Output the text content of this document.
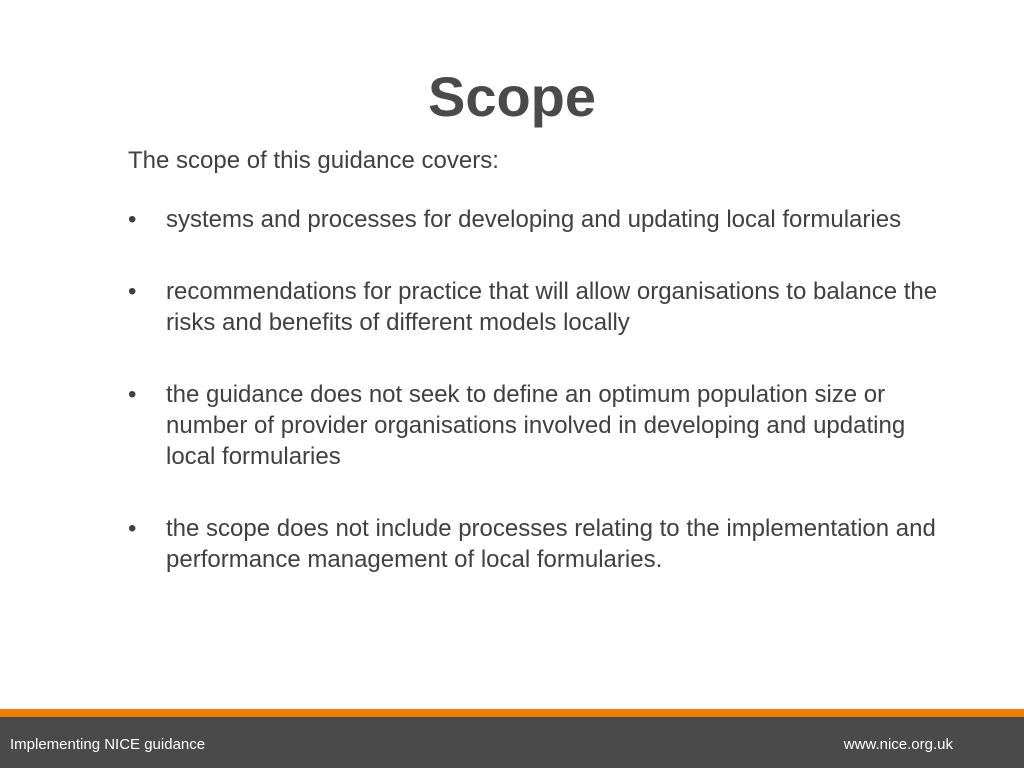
Scope

The scope of this guidance covers:

•	systems and processes for developing and updating local formularies
•	recommendations for practice that will allow organisations to balance the risks and benefits of different models locally
•	the guidance does not seek to define an optimum population size or number of provider organisations involved in developing and updating local formularies
•	the scope does not include processes relating to the implementation and performance management of local formularies.
Implementing NICE guidance	www.nice.org.uk
